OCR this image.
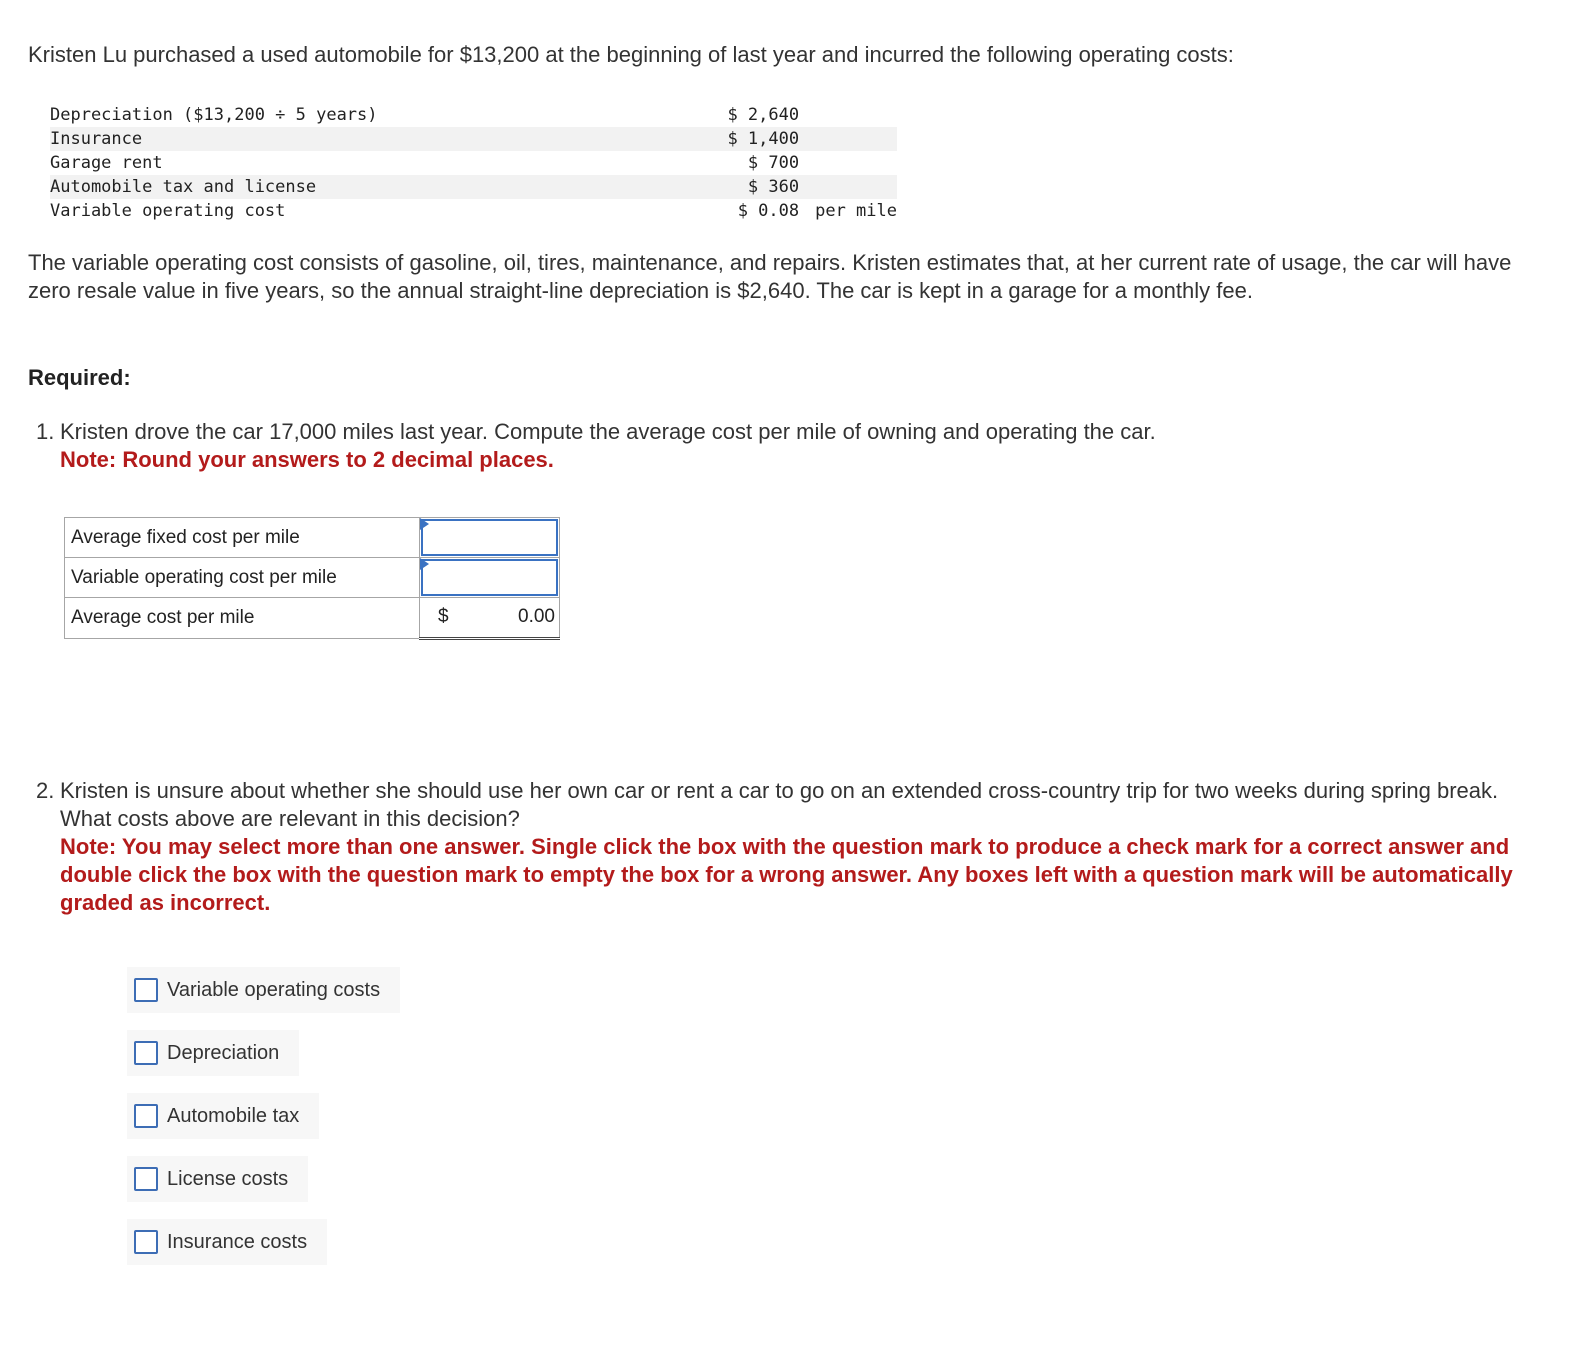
Kristen Lu purchased a used automobile for $13,200 at the beginning of last year and incurred the following operating costs:
Depreciation ($13,200 ÷ 5 years)	$ 2,640	
Insurance	$ 1,400	
Garage rent	$ 700	
Automobile tax and license	$ 360	
Variable operating cost	$ 0.08	per mile

The variable operating cost consists of gasoline, oil, tires, maintenance, and repairs. Kristen estimates that, at her current rate of usage, the car will have zero resale value in five years, so the annual straight-line depreciation is $2,640. The car is kept in a garage for a monthly fee.

Required:
1. Kristen drove the car 17,000 miles last year. Compute the average cost per mile of owning and operating the car.
Note: Round your answers to 2 decimal places.
Average fixed cost per mile	

Variable operating cost per mile	

Average cost per mile	$ 0.00
2. Kristen is unsure about whether she should use her own car or rent a car to go on an extended cross-country trip for two weeks during spring break. What costs above are relevant in this decision?
Note: You may select more than one answer. Single click the box with the question mark to produce a check mark for a correct answer and double click the box with the question mark to empty the box for a wrong answer. Any boxes left with a question mark will be automatically graded as incorrect.
Variable operating costs
Depreciation
Automobile tax
License costs
Insurance costs
